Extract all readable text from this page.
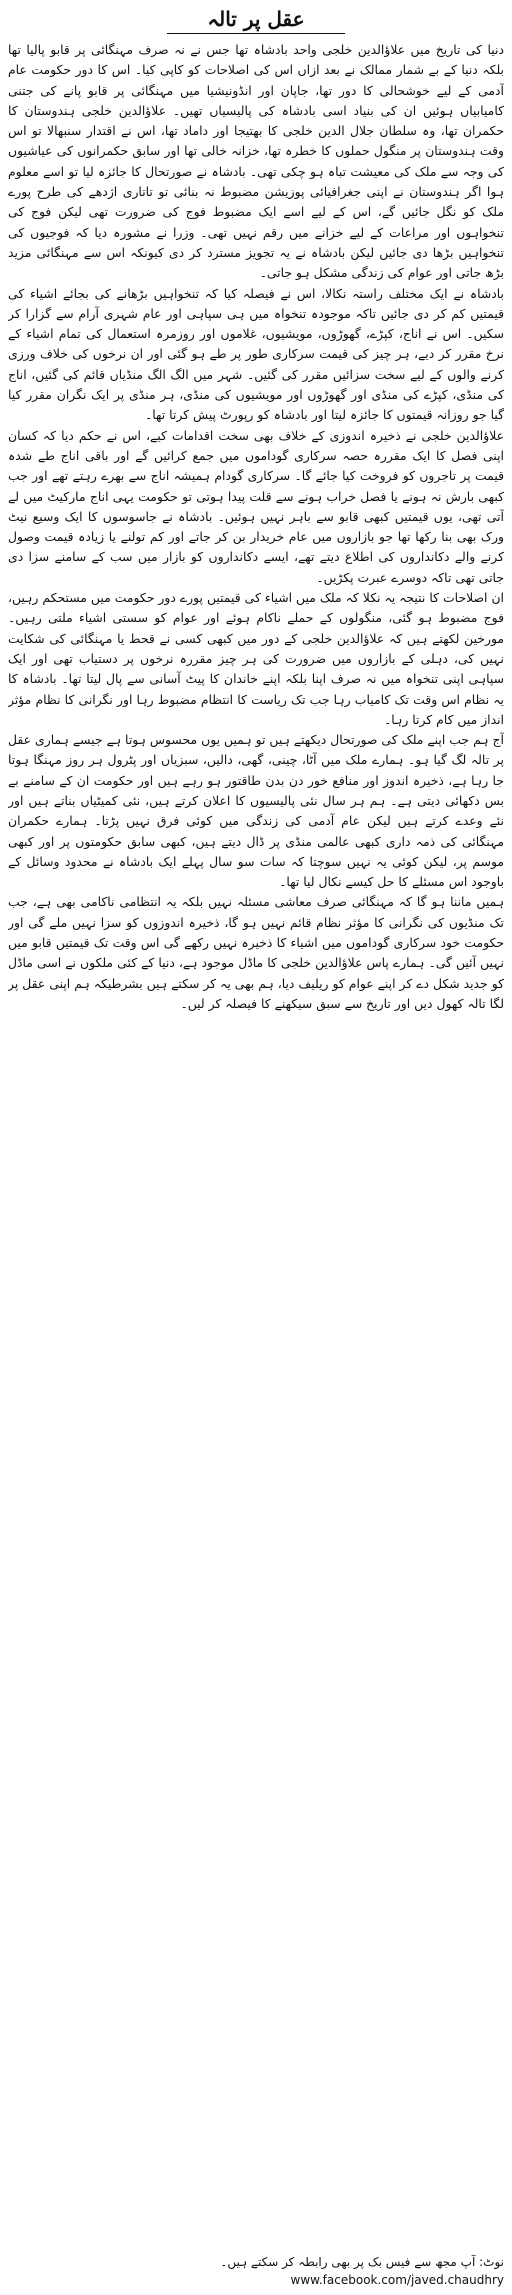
عقل پر تالہ

دنیا کی تاریخ میں علاؤالدین خلجی واحد بادشاہ تھا جس نے نہ صرف مہنگائی پر قابو پالیا تھا بلکہ دنیا کے بے شمار ممالک نے بعد ازاں اس کی اصلاحات کو کاپی کیا۔ اس کا دور حکومت عام آدمی کے لیے خوشحالی کا دور تھا، جاپان اور انڈونیشیا میں مہنگائی پر قابو پانے کی جتنی کامیابیاں ہوئیں ان کی بنیاد اسی بادشاہ کی پالیسیاں تھیں۔ علاؤالدین خلجی ہندوستان کا حکمران تھا، وہ سلطان جلال الدین خلجی کا بھتیجا اور داماد تھا، اس نے اقتدار سنبھالا تو اس وقت ہندوستان پر منگول حملوں کا خطرہ تھا، خزانہ خالی تھا اور سابق حکمرانوں کی عیاشیوں کی وجہ سے ملک کی معیشت تباہ ہو چکی تھی۔ بادشاہ نے صورتحال کا جائزہ لیا تو اسے معلوم ہوا اگر ہندوستان نے اپنی جغرافیائی پوزیشن مضبوط نہ بنائی تو تاتاری اژدھے کی طرح پورے ملک کو نگل جائیں گے، اس کے لیے اسے ایک مضبوط فوج کی ضرورت تھی لیکن فوج کی تنخواہوں اور مراعات کے لیے خزانے میں رقم نہیں تھی۔ وزرا نے مشورہ دیا کہ فوجیوں کی تنخواہیں بڑھا دی جائیں لیکن بادشاہ نے یہ تجویز مسترد کر دی کیونکہ اس سے مہنگائی مزید بڑھ جاتی اور عوام کی زندگی مشکل ہو جاتی۔

بادشاہ نے ایک مختلف راستہ نکالا، اس نے فیصلہ کیا کہ تنخواہیں بڑھانے کی بجائے اشیاء کی قیمتیں کم کر دی جائیں تاکہ موجودہ تنخواہ میں ہی سپاہی اور عام شہری آرام سے گزارا کر سکیں۔ اس نے اناج، کپڑے، گھوڑوں، مویشیوں، غلاموں اور روزمرہ استعمال کی تمام اشیاء کے نرخ مقرر کر دیے، ہر چیز کی قیمت سرکاری طور پر طے ہو گئی اور ان نرخوں کی خلاف ورزی کرنے والوں کے لیے سخت سزائیں مقرر کی گئیں۔ شہر میں الگ الگ منڈیاں قائم کی گئیں، اناج کی منڈی، کپڑے کی منڈی اور گھوڑوں اور مویشیوں کی منڈی، ہر منڈی پر ایک نگران مقرر کیا گیا جو روزانہ قیمتوں کا جائزہ لیتا اور بادشاہ کو رپورٹ پیش کرتا تھا۔

علاؤالدین خلجی نے ذخیرہ اندوزی کے خلاف بھی سخت اقدامات کیے، اس نے حکم دیا کہ کسان اپنی فصل کا ایک مقررہ حصہ سرکاری گوداموں میں جمع کرائیں گے اور باقی اناج طے شدہ قیمت پر تاجروں کو فروخت کیا جائے گا۔ سرکاری گودام ہمیشہ اناج سے بھرے رہتے تھے اور جب کبھی بارش نہ ہونے یا فصل خراب ہونے سے قلت پیدا ہوتی تو حکومت یہی اناج مارکیٹ میں لے آتی تھی، یوں قیمتیں کبھی قابو سے باہر نہیں ہوئیں۔ بادشاہ نے جاسوسوں کا ایک وسیع نیٹ ورک بھی بنا رکھا تھا جو بازاروں میں عام خریدار بن کر جاتے اور کم تولنے یا زیادہ قیمت وصول کرنے والے دکانداروں کی اطلاع دیتے تھے، ایسے دکانداروں کو بازار میں سب کے سامنے سزا دی جاتی تھی تاکہ دوسرے عبرت پکڑیں۔

ان اصلاحات کا نتیجہ یہ نکلا کہ ملک میں اشیاء کی قیمتیں پورے دور حکومت میں مستحکم رہیں، فوج مضبوط ہو گئی، منگولوں کے حملے ناکام ہوئے اور عوام کو سستی اشیاء ملتی رہیں۔ مورخین لکھتے ہیں کہ علاؤالدین خلجی کے دور میں کبھی کسی نے قحط یا مہنگائی کی شکایت نہیں کی، دہلی کے بازاروں میں ضرورت کی ہر چیز مقررہ نرخوں پر دستیاب تھی اور ایک سپاہی اپنی تنخواہ میں نہ صرف اپنا بلکہ اپنے خاندان کا پیٹ آسانی سے پال لیتا تھا۔ بادشاہ کا یہ نظام اس وقت تک کامیاب رہا جب تک ریاست کا انتظام مضبوط رہا اور نگرانی کا نظام مؤثر انداز میں کام کرتا رہا۔

آج ہم جب اپنے ملک کی صورتحال دیکھتے ہیں تو ہمیں یوں محسوس ہوتا ہے جیسے ہماری عقل پر تالہ لگ گیا ہو۔ ہمارے ملک میں آٹا، چینی، گھی، دالیں، سبزیاں اور پٹرول ہر روز مہنگا ہوتا جا رہا ہے، ذخیرہ اندوز اور منافع خور دن بدن طاقتور ہو رہے ہیں اور حکومت ان کے سامنے بے بس دکھائی دیتی ہے۔ ہم ہر سال نئی پالیسیوں کا اعلان کرتے ہیں، نئی کمیٹیاں بناتے ہیں اور نئے وعدے کرتے ہیں لیکن عام آدمی کی زندگی میں کوئی فرق نہیں پڑتا۔ ہمارے حکمران مہنگائی کی ذمہ داری کبھی عالمی منڈی پر ڈال دیتے ہیں، کبھی سابق حکومتوں پر اور کبھی موسم پر، لیکن کوئی یہ نہیں سوچتا کہ سات سو سال پہلے ایک بادشاہ نے محدود وسائل کے باوجود اس مسئلے کا حل کیسے نکال لیا تھا۔

ہمیں ماننا ہو گا کہ مہنگائی صرف معاشی مسئلہ نہیں بلکہ یہ انتظامی ناکامی بھی ہے، جب تک منڈیوں کی نگرانی کا مؤثر نظام قائم نہیں ہو گا، ذخیرہ اندوزوں کو سزا نہیں ملے گی اور حکومت خود سرکاری گوداموں میں اشیاء کا ذخیرہ نہیں رکھے گی اس وقت تک قیمتیں قابو میں نہیں آئیں گی۔ ہمارے پاس علاؤالدین خلجی کا ماڈل موجود ہے، دنیا کے کئی ملکوں نے اسی ماڈل کو جدید شکل دے کر اپنے عوام کو ریلیف دیا، ہم بھی یہ کر سکتے ہیں بشرطیکہ ہم اپنی عقل پر لگا تالہ کھول دیں اور تاریخ سے سبق سیکھنے کا فیصلہ کر لیں۔

نوٹ: آپ مجھ سے فیس بک پر بھی رابطہ کر سکتے ہیں۔ www.facebook.com/javed.chaudhry
